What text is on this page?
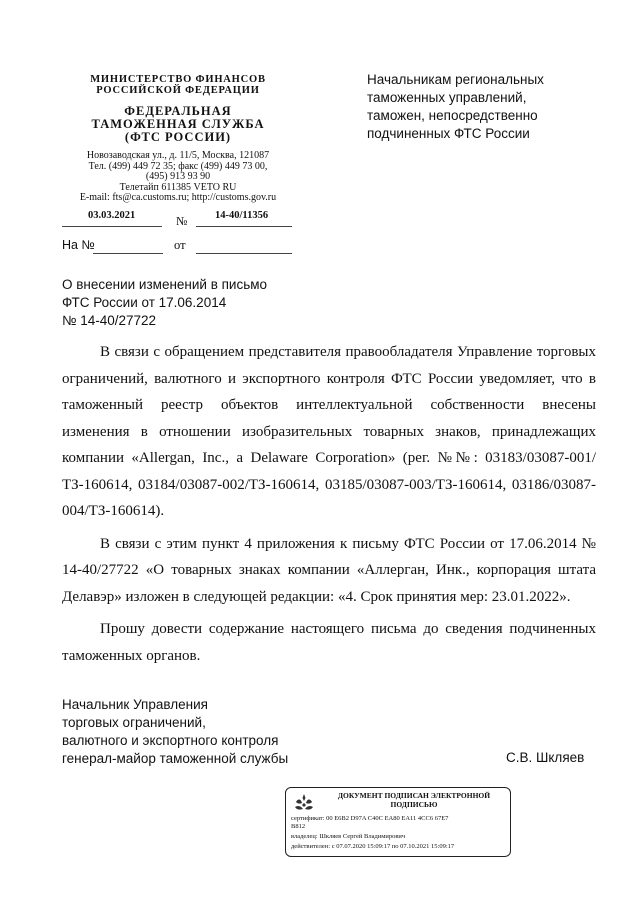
МИНИСТЕРСТВО ФИНАНСОВ
РОССИЙСКОЙ ФЕДЕРАЦИИ
ФЕДЕРАЛЬНАЯ
ТАМОЖЕННАЯ СЛУЖБА
(ФТС РОССИИ)
Новозаводская ул., д. 11/5, Москва, 121087
Тел. (499) 449 72 35; факс (499) 449 73 00,
(495) 913 93 90
Телетайп 611385 VETO RU
E-mail: fts@ca.customs.ru; http://customs.gov.ru
03.03.2021	№	14-40/11356
На №	от
Начальникам региональных
таможенных управлений,
таможен, непосредственно
подчиненных ФТС России
О внесении изменений в письмо
ФТС России от 17.06.2014
№ 14-40/27722

В связи с обращением представителя правообладателя Управление торговых ограничений, валютного и экспортного контроля ФТС России уведомляет, что в таможенный реестр объектов интеллектуальной собственности внесены изменения в отношении изобразительных товарных знаков, принадлежащих компании «Allergan, Inc., a Delaware Corporation» (рег. №№: 03183/03087-001/ТЗ-160614, 03184/03087-002/ТЗ-160614, 03185/03087-003/ТЗ-160614, 03186/03087-004/ТЗ-160614).

В связи с этим пункт 4 приложения к письму ФТС России от 17.06.2014 № 14-40/27722 «О товарных знаках компании «Аллерган, Инк., корпорация штата Делавэр» изложен в следующей редакции: «4. Срок принятия мер: 23.01.2022».

Прошу довести содержание настоящего письма до сведения подчиненных таможенных органов.

Начальник Управления
торговых ограничений,
валютного и экспортного контроля
генерал-майор таможенной службы	С.В. Шкляев
ДОКУМЕНТ ПОДПИСАН ЭЛЕКТРОННОЙ
ПОДПИСЬЮ
сертификат: 00 E6B2 D97A C40C EA80 EA11 4CC6 67E7
B812
владелец: Шкляев Сергей Владимирович
действителен: с 07.07.2020 15:09:17 по 07.10.2021 15:09:17
